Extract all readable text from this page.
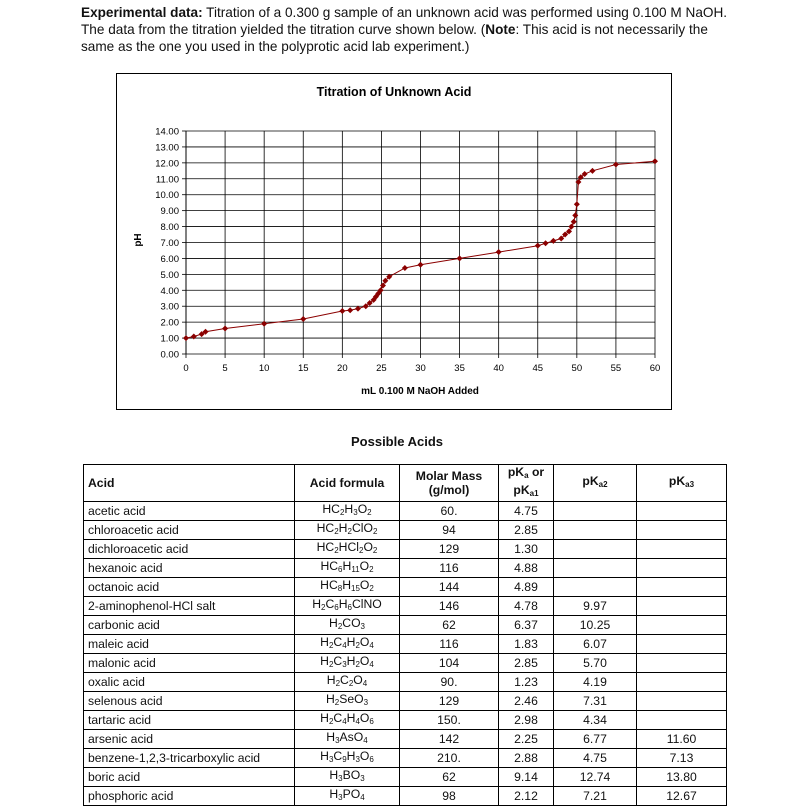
Experimental data: Titration of a 0.300 g sample of an unknown acid was performed using 0.100 M NaOH. The data from the titration yielded the titration curve shown below. (Note: This acid is not necessarily the same as the one you used in the polyprotic acid lab experiment.)
Titration of Unknown Acid
mL 0.100 M NaOH Added
pH
0.00
1.00
2.00
3.00
4.00
5.00
6.00
7.00
8.00
9.00
10.00
11.00
12.00
13.00
14.00
0	5	10	15	20	25	30	35	40	45	50	55	60
Possible Acids
Acid	Acid formula	Molar Mass (g/mol)	$pK_a$ or
$pK_{a1}$	$pK_{a2}$	$pK_{a3}$
acetic acid	$HC_2H_3O_2$	60.	4.75		
chloroacetic acid	$HC_2H_2ClO_2$	94	2.85		
dichloroacetic acid	$HC_2HCl_2O_2$	129	1.30		
hexanoic acid	$HC_6H_{11}O_2$	116	4.88		
octanoic acid	$HC_8H_{15}O_2$	144	4.89		
2-aminophenol-HCl salt	$H_2C_6H_6ClNO$	146	4.78	9.97	
carbonic acid	$H_2CO_3$	62	6.37	10.25	
maleic acid	$H_2C_4H_2O_4$	116	1.83	6.07	
malonic acid	$H_2C_3H_2O_4$	104	2.85	5.70	
oxalic acid	$H_2C_2O_4$	90.	1.23	4.19	
selenous acid	$H_2SeO_3$	129	2.46	7.31	
tartaric acid	$H_2C_4H_4O_6$	150.	2.98	4.34	
arsenic acid	$H_3AsO_4$	142	2.25	6.77	11.60
benzene-1,2,3-tricarboxylic acid	$H_3C_9H_3O_6$	210.	2.88	4.75	7.13
boric acid	$H_3BO_3$	62	9.14	12.74	13.80
phosphoric acid	$H_3PO_4$	98	2.12	7.21	12.67
